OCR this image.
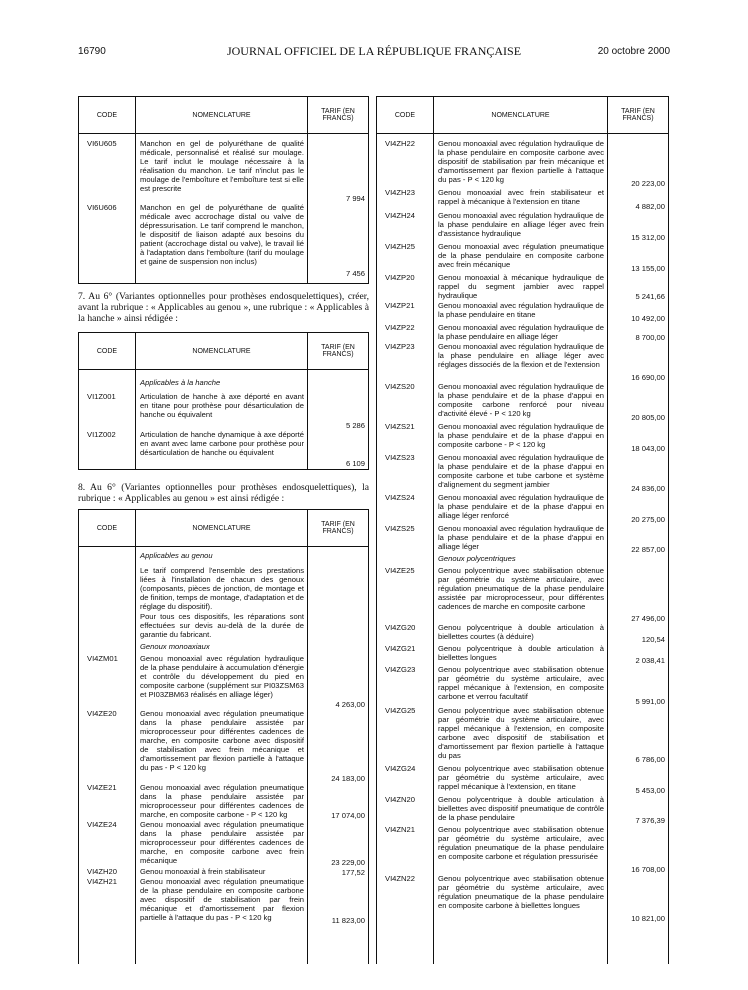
16790	JOURNAL OFFICIEL DE LA RÉPUBLIQUE FRANÇAISE	20 octobre 2000
CODE	NOMENCLATURE	TARIF (EN FRANCS)
VI6U605	Manchon en gel de polyuréthane de qualité médicale, personnalisé et réalisé sur moulage. Le tarif inclut le moulage nécessaire à la réalisation du manchon. Le tarif n'inclut pas le moulage de l'emboîture et l'emboîture test si elle est prescrite
7 994
VI6U606	Manchon en gel de polyuréthane de qualité médicale avec accrochage distal ou valve de dépressurisation. Le tarif comprend le manchon, le dispositif de liaison adapté aux besoins du patient (accrochage distal ou valve), le travail lié à l'adaptation dans l'emboîture (tarif du moulage et gaine de suspension non inclus)
7 456
7. Au 6° (Variantes optionnelles pour prothèses endosquelettiques), créer, avant la rubrique : « Applicables au genou », une rubrique : « Applicables à la hanche » ainsi rédigée :
CODE	NOMENCLATURE	TARIF (EN FRANCS)
Applicables à la hanche
VI1Z001	Articulation de hanche à axe déporté en avant en titane pour prothèse pour désarticulation de hanche ou équivalent
5 286
VI1Z002	Articulation de hanche dynamique à axe déporté en avant avec lame carbone pour prothèse pour désarticulation de hanche ou équivalent
6 109
8. Au 6° (Variantes optionnelles pour prothèses endosquelettiques), la rubrique : « Applicables au genou » est ainsi rédigée :
CODE	NOMENCLATURE	TARIF (EN FRANCS)
Applicables au genou
Le tarif comprend l'ensemble des prestations liées à l'installation de chacun des genoux (composants, pièces de jonction, de montage et de finition, temps de montage, d'adaptation et de réglage du dispositif).
Pour tous ces dispositifs, les réparations sont effectuées sur devis au-delà de la durée de garantie du fabricant.
Genoux monoaxiaux
VI4ZM01	Genou monoaxial avec régulation hydraulique de la phase pendulaire à accumulation d'énergie et contrôle du développement du pied en composite carbone (supplément sur PI03ZSM63 et PI03ZBM63 réalisés en alliage léger)
4 263,00
VI4ZE20	Genou monoaxial avec régulation pneumatique dans la phase pendulaire assistée par microprocesseur pour différentes cadences de marche, en composite carbone avec dispositif de stabilisation avec frein mécanique et d'amortissement par flexion partielle à l'attaque du pas - P < 120 kg
24 183,00
VI4ZE21	Genou monoaxial avec régulation pneumatique dans la phase pendulaire assistée par microprocesseur pour différentes cadences de marche, en composite carbone - P < 120 kg	17 074,00
VI4ZE24	Genou monoaxial avec régulation pneumatique dans la phase pendulaire assistée par microprocesseur pour différentes cadences de marche, en composite carbone avec frein mécanique	23 229,00
VI4ZH20	Genou monoaxial à frein stabilisateur	177,52
VI4ZH21	Genou monoaxial avec régulation pneumatique de la phase pendulaire en composite carbone avec dispositif de stabilisation par frein mécanique et d'amortissement par flexion partielle à l'attaque du pas - P < 120 kg	11 823,00
CODE	NOMENCLATURE	TARIF (EN FRANCS)
VI4ZH22	Genou monoaxial avec régulation hydraulique de la phase pendulaire en composite carbone avec dispositif de stabilisation par frein mécanique et d'amortissement par flexion partielle à l'attaque du pas - P < 120 kg	20 223,00
VI4ZH23	Genou monoaxial avec frein stabilisateur et rappel à mécanique à l'extension en titane
4 882,00
VI4ZH24	Genou monoaxial avec régulation hydraulique de la phase pendulaire en alliage léger avec frein d'assistance hydraulique	15 312,00
VI4ZH25	Genou monoaxial avec régulation pneumatique de la phase pendulaire en composite carbone avec frein mécanique	13 155,00
VI4ZP20	Genou monoaxial à mécanique hydraulique de rappel du segment jambier avec rappel hydraulique	5 241,66
VI4ZP21	Genou monoaxial avec régulation hydraulique de la phase pendulaire en titane	10 492,00
VI4ZP22	Genou monoaxial avec régulation hydraulique de la phase pendulaire en alliage léger	8 700,00
VI4ZP23	Genou monoaxial avec régulation hydraulique de la phase pendulaire en alliage léger avec réglages dissociés de la flexion et de l'extension
16 690,00
VI4ZS20	Genou monoaxial avec régulation hydraulique de la phase pendulaire et de la phase d'appui en composite carbone renforcé pour niveau d'activité élevé - P < 120 kg	20 805,00
VI4ZS21	Genou monoaxial avec régulation hydraulique de la phase pendulaire et de la phase d'appui en composite carbone - P < 120 kg	18 043,00
VI4ZS23	Genou monoaxial avec régulation hydraulique de la phase pendulaire et de la phase d'appui en composite carbone et tube carbone et système d'alignement du segment jambier	24 836,00
VI4ZS24	Genou monoaxial avec régulation hydraulique de la phase pendulaire et de la phase d'appui en alliage léger renforcé	20 275,00
VI4ZS25	Genou monoaxial avec régulation hydraulique de la phase pendulaire et de la phase d'appui en alliage léger	22 857,00
Genoux polycentriques
VI4ZE25	Genou polycentrique avec stabilisation obtenue par géométrie du système articulaire, avec régulation pneumatique de la phase pendulaire assistée par microprocesseur, pour différentes cadences de marche en composite carbone
27 496,00
VI4ZG20	Genou polycentrique à double articulation à biellettes courtes (à déduire)	120,54
VI4ZG21	Genou polycentrique à double articulation à biellettes longues	2 038,41
VI4ZG23	Genou polycentrique avec stabilisation obtenue par géométrie du système articulaire, avec rappel mécanique à l'extension, en composite carbone et verrou facultatif
5 991,00
VI4ZG25	Genou polycentrique avec stabilisation obtenue par géométrie du système articulaire, avec rappel mécanique à l'extension, en composite carbone avec dispositif de stabilisation et d'amortissement par flexion partielle à l'attaque du pas	6 786,00
VI4ZG24	Genou polycentrique avec stabilisation obtenue par géométrie du système articulaire, avec rappel mécanique à l'extension, en titane	5 453,00
VI4ZN20	Genou polycentrique à double articulation à biellettes avec dispositif pneumatique de contrôle de la phase pendulaire	7 376,39
VI4ZN21	Genou polycentrique avec stabilisation obtenue par géométrie du système articulaire, avec régulation pneumatique de la phase pendulaire en composite carbone et régulation pressurisée
16 708,00
VI4ZN22	Genou polycentrique avec stabilisation obtenue par géométrie du système articulaire, avec régulation pneumatique de la phase pendulaire en composite carbone à biellettes longues
10 821,00
